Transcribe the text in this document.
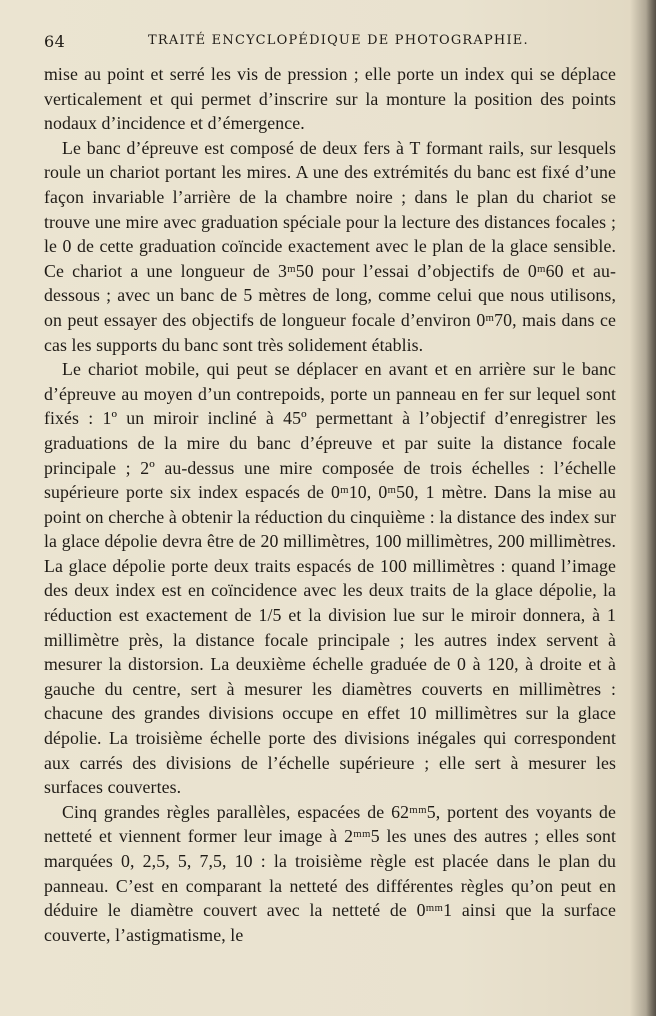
64	TRAITÉ ENCYCLOPÉDIQUE DE PHOTOGRAPHIE.

mise au point et serré les vis de pression ; elle porte un index qui se déplace verticalement et qui permet d’inscrire sur la monture la position des points nodaux d’incidence et d’émergence.

Le banc d’épreuve est composé de deux fers à T formant rails, sur lesquels roule un chariot portant les mires. A une des extrémités du banc est fixé d’une façon invariable l’arrière de la chambre noire ; dans le plan du chariot se trouve une mire avec graduation spéciale pour la lecture des distances focales ; le 0 de cette graduation coïncide exactement avec le plan de la glace sensible. Ce chariot a une longueur de 3ᵐ50 pour l’essai d’objectifs de 0ᵐ60 et au-dessous ; avec un banc de 5 mètres de long, comme celui que nous utilisons, on peut essayer des objectifs de longueur focale d’environ 0ᵐ70, mais dans ce cas les supports du banc sont très solidement établis.

Le chariot mobile, qui peut se déplacer en avant et en arrière sur le banc d’épreuve au moyen d’un contrepoids, porte un panneau en fer sur lequel sont fixés : 1º un miroir incliné à 45º permettant à l’objectif d’enregistrer les graduations de la mire du banc d’épreuve et par suite la distance focale principale ; 2º au-dessus une mire composée de trois échelles : l’échelle supérieure porte six index espacés de 0ᵐ10, 0ᵐ50, 1 mètre. Dans la mise au point on cherche à obtenir la réduction du cinquième : la distance des index sur la glace dépolie devra être de 20 millimètres, 100 millimètres, 200 millimètres. La glace dépolie porte deux traits espacés de 100 millimètres : quand l’image des deux index est en coïncidence avec les deux traits de la glace dépolie, la réduction est exactement de 1/5 et la division lue sur le miroir donnera, à 1 millimètre près, la distance focale principale ; les autres index servent à mesurer la distorsion. La deuxième échelle graduée de 0 à 120, à droite et à gauche du centre, sert à mesurer les diamètres couverts en millimètres : chacune des grandes divisions occupe en effet 10 millimètres sur la glace dépolie. La troisième échelle porte des divisions inégales qui correspondent aux carrés des divisions de l’échelle supérieure ; elle sert à mesurer les surfaces couvertes.

Cinq grandes règles parallèles, espacées de 62ᵐᵐ5, portent des voyants de netteté et viennent former leur image à 2ᵐᵐ5 les unes des autres ; elles sont marquées 0, 2,5, 5, 7,5, 10 : la troisième règle est placée dans le plan du panneau. C’est en comparant la netteté des différentes règles qu’on peut en déduire le diamètre couvert avec la netteté de 0ᵐᵐ1 ainsi que la surface couverte, l’astigmatisme, le
